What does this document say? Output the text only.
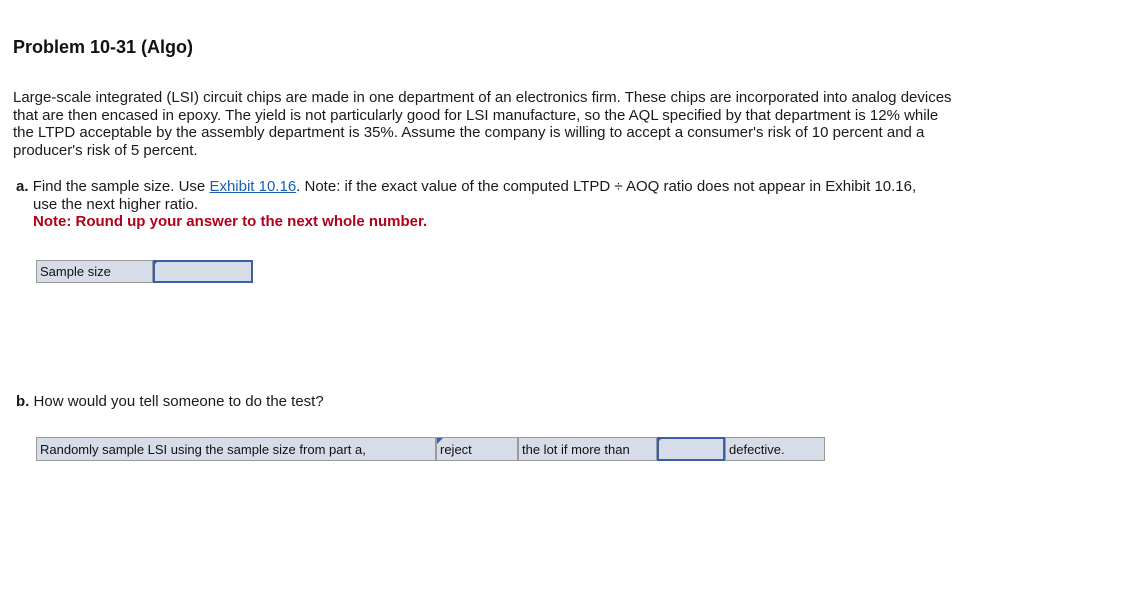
Problem 10-31 (Algo)
Large-scale integrated (LSI) circuit chips are made in one department of an electronics firm. These chips are incorporated into analog devices that are then encased in epoxy. The yield is not particularly good for LSI manufacture, so the AQL specified by that department is 12% while the LTPD acceptable by the assembly department is 35%. Assume the company is willing to accept a consumer's risk of 10 percent and a producer's risk of 5 percent.
a. Find the sample size. Use Exhibit 10.16. Note: if the exact value of the computed LTPD ÷ AOQ ratio does not appear in Exhibit 10.16,
use the next higher ratio.
Note: Round up your answer to the next whole number.
Sample size
b. How would you tell someone to do the test?
Randomly sample LSI using the sample size from part a,	reject	the lot if more than	defective.
